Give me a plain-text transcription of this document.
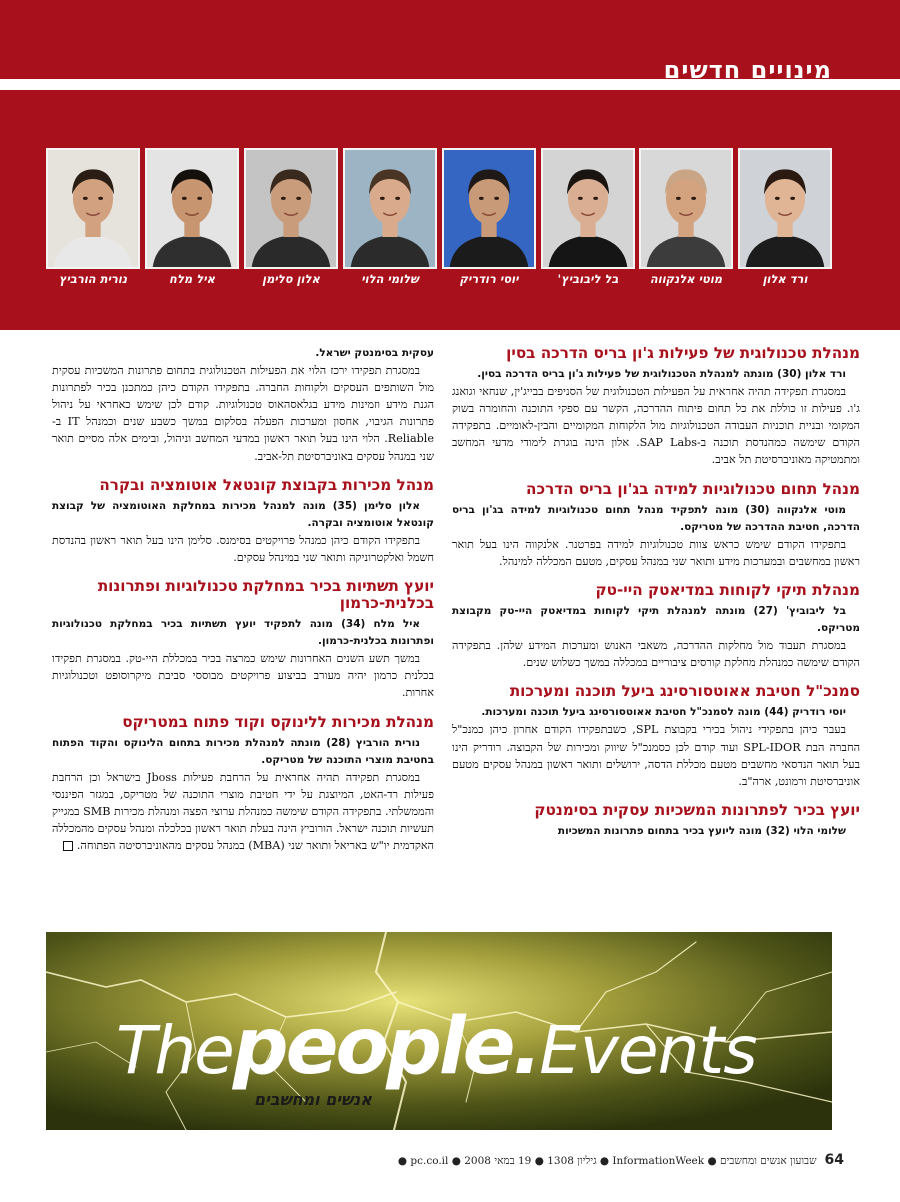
מינויים חדשים
ורד אלון
מוטי אלנקווה
בל ליבוביץ'
יוסי רודריק
שלומי הלוי
אלון סלימן
איל מלח
נורית הורביץ
מנהלת טכנולוגית של פעילות ג'ון בריס הדרכה בסין

ורד אלון (30) מונתה למנהלת הטכנולוגית של פעילות ג'ון בריס הדרכה בסין.

במסגרת תפקידה תהיה אחראית על הפעילות הטכנולוגית של הסניפים בבייג'ין, שנחאי וגואנג ג'ו. פעילות זו כוללת את כל תחום פיתוח ההדרכה, הקשר עם ספקי התוכנה והחומרה בשוק המקומי ובניית תוכניות העבודה הטכנולוגיות מול הלקוחות המקומיים והבין-לאומיים. בתפקידה הקודם שימשה כמהנדסת תוכנה ב-SAP Labs. אלון הינה בוגרת לימודי מדעי המחשב ומתמטיקה מאוניברסיטת תל אביב.

מנהל תחום טכנולוגיות למידה בג'ון בריס הדרכה

מוטי אלנקווה (30) מונה לתפקיד מנהל תחום טכנולוגיות למידה בג'ון בריס הדרכה, חטיבת ההדרכה של מטריקס.

בתפקידו הקודם שימש כראש צוות טכנולוגיות למידה בפרטנר. אלנקווה הינו בעל תואר ראשון במחשבים ובמערכות מידע ותואר שני במנהל עסקים, מטעם המכללה למינהל.

מנהלת תיקי לקוחות במדיאטק היי-טק

בל ליבוביץ' (27) מונתה למנהלת תיקי לקוחות במדיאטק היי-טק מקבוצת מטריקס.

במסגרת תעבוד מול מחלקות ההדרכה, משאבי האנוש ומערכות המידע שלהן. בתפקידה הקודם שימשה כמנהלת מחלקת קורסים ציבוריים במכללה במשך כשלוש שנים.

סמנכ"ל חטיבת אאוטסורסינג ביעל תוכנה ומערכות

יוסי רודריק (44) מונה לסמנכ"ל חטיבת אאוטסורסינג ביעל תוכנה ומערכות.

בעבר כיהן בתפקידי ניהול בכירי בקבוצת SPL, כשבתפקידו הקודם אחרון כיהן כמנכ"ל החברה הבת SPL-IDOR ועוד קודם לכן כסמנכ"ל שיווק ומכירות של הקבוצה. רודריק הינו בעל תואר הנדסאי מחשבים מטעם מכללת הדסה, ירושלים ותואר ראשון במנהל עסקים מטעם אוניברסיטת ורמונט, ארה"ב.

יועץ בכיר לפתרונות המשכיות עסקית בסימנטק

שלומי הלוי (32) מונה ליועץ בכיר בתחום פתרונות המשכיות

עסקית בסימנטק ישראל.

במסגרת תפקידו ירכז הלוי את הפעילות הטכנולוגית בתחום פתרונות המשכיות עסקית מול השותפים העסקים ולקוחות החברה. בתפקידו הקודם כיהן כמתכנן בכיר לפתרונות הגנת מידע וזמינות מידע בגלאסהאוס טכנולוגיות. קודם לכן שימש כאחראי על ניהול פתרונות הגיבוי, אחסון ומערכות הפעלה בסלקום במשך כשבע שנים וכמנהל IT ב-Reliable. הלוי הינו בעל תואר ראשון במדעי המחשב וניהול, ובימים אלה מסיים תואר שני במנהל עסקים באוניברסיטת תל-אביב.

מנהל מכירות בקבוצת קונטאל אוטומציה ובקרה

אלון סלימן (35) מונה למנהל מכירות במחלקת האוטומציה של קבוצת קונטאל אוטומציה ובקרה.

בתפקידו הקודם כיהן כמנהל פרויקטים בסימנס. סלימן הינו בעל תואר ראשון בהנדסת חשמל ואלקטרוניקה ותואר שני במינהל עסקים.

יועץ תשתיות בכיר במחלקת טכנולוגיות ופתרונות בכלנית-כרמון

איל מלח (34) מונה לתפקיד יועץ תשתיות בכיר במחלקת טכנולוגיות ופתרונות בכלנית-כרמון.

במשך תשע השנים האחרונות שימש כמרצה בכיר במכללת היי-טק. במסגרת תפקידו בכלנית כרמון יהיה מעורב בביצוע פרויקטים מבוססי סביבת מיקרוסופט וטכנולוגיות אחרות.

מנהלת מכירות ללינוקס וקוד פתוח במטריקס

נורית הורביץ (28) מונתה למנהלת מכירות בתחום הלינוקס והקוד הפתוח בחטיבת מוצרי התוכנה של מטריקס.

במסגרת תפקידה תהיה אחראית על הרחבת פעילות Jboss בישראל וכן הרחבת פעילות רד-האט, המיוצגת על ידי חטיבת מוצרי התוכנה של מטריקס, במגזר הפיננסי והממשלתי. בתפקידה הקודם שימשה כמנהלת ערוצי הפצה ומנהלת מכירות SMB במגייק תעשיות תוכנה ישראל. הורוביץ הינה בעלת תואר ראשון בכלכלה ומנהל עסקים מהמכללה האקדמית יו"ש באריאל ותואר שני (MBA) במנהל עסקים מהאוניברסיטה הפתוחה.

Thepeople.Events
אנשים ומחשבים
64שבועון אנשים ומחשבים ● InformationWeek ● גיליון 1308 ● 19 במאי 2008 ● pc.co.il ●
